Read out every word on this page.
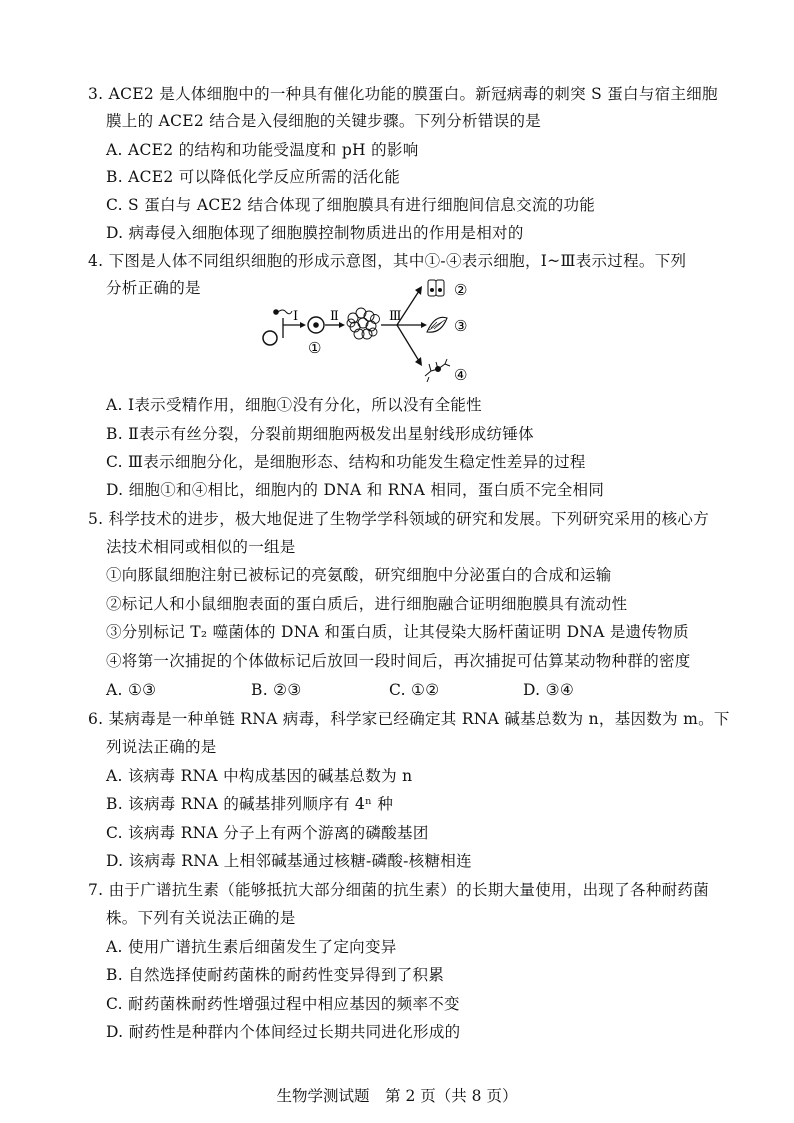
3. ACE2 是人体细胞中的一种具有催化功能的膜蛋白。新冠病毒的刺突 S 蛋白与宿主细胞
膜上的 ACE2 结合是入侵细胞的关键步骤。下列分析错误的是
A. ACE2 的结构和功能受温度和 pH 的影响
B. ACE2 可以降低化学反应所需的活化能
C. S 蛋白与 ACE2 结合体现了细胞膜具有进行细胞间信息交流的功能
D. 病毒侵入细胞体现了细胞膜控制物质进出的作用是相对的
4. 下图是人体不同组织细胞的形成示意图，其中①-④表示细胞，Ⅰ~Ⅲ表示过程。下列
分析正确的是
Ⅰ
①
Ⅱ	Ⅲ
②
③
④
A. Ⅰ表示受精作用，细胞①没有分化，所以没有全能性
B. Ⅱ表示有丝分裂，分裂前期细胞两极发出星射线形成纺锤体
C. Ⅲ表示细胞分化，是细胞形态、结构和功能发生稳定性差异的过程
D. 细胞①和④相比，细胞内的 DNA 和 RNA 相同，蛋白质不完全相同
5. 科学技术的进步，极大地促进了生物学学科领域的研究和发展。下列研究采用的核心方
法技术相同或相似的一组是
①向豚鼠细胞注射已被标记的亮氨酸，研究细胞中分泌蛋白的合成和运输
②标记人和小鼠细胞表面的蛋白质后，进行细胞融合证明细胞膜具有流动性
③分别标记 T₂ 噬菌体的 DNA 和蛋白质，让其侵染大肠杆菌证明 DNA 是遗传物质
④将第一次捕捉的个体做标记后放回一段时间后，再次捕捉可估算某动物种群的密度
A. ①③	B. ②③	C. ①②	D. ③④
6. 某病毒是一种单链 RNA 病毒，科学家已经确定其 RNA 碱基总数为 n，基因数为 m。下
列说法正确的是
A. 该病毒 RNA 中构成基因的碱基总数为 n
B. 该病毒 RNA 的碱基排列顺序有 4ⁿ 种
C. 该病毒 RNA 分子上有两个游离的磷酸基团
D. 该病毒 RNA 上相邻碱基通过核糖-磷酸-核糖相连
7. 由于广谱抗生素（能够抵抗大部分细菌的抗生素）的长期大量使用，出现了各种耐药菌
株。下列有关说法正确的是
A. 使用广谱抗生素后细菌发生了定向变异
B. 自然选择使耐药菌株的耐药性变异得到了积累
C. 耐药菌株耐药性增强过程中相应基因的频率不变
D. 耐药性是种群内个体间经过长期共同进化形成的
生物学测试题　第 2 页（共 8 页）
